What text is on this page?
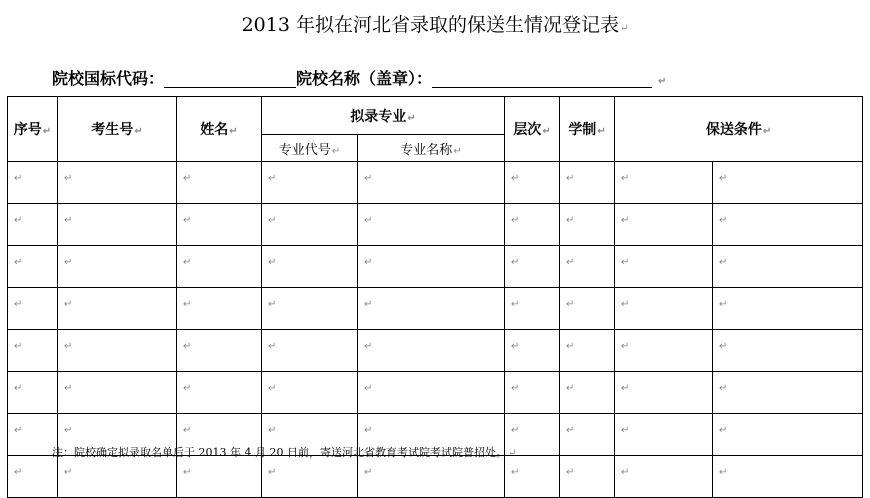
2013 年拟在河北省录取的保送生情况登记表↵
院校国标代码：	院校名称（盖章）：	↵
序号↵	考生号↵	姓名↵	拟录专业↵		层次↵	学制↵	保送条件↵	
			专业代号↵	专业名称↵				
↵	↵	↵	↵	↵	↵	↵	↵	↵
↵	↵	↵	↵	↵	↵	↵	↵	↵
↵	↵	↵	↵	↵	↵	↵	↵	↵
↵	↵	↵	↵	↵	↵	↵	↵	↵
↵	↵	↵	↵	↵	↵	↵	↵	↵
↵	↵	↵	↵	↵	↵	↵	↵	↵
↵	↵	↵	↵	↵	↵	↵	↵	↵
↵	↵	↵	↵	↵	↵	↵	↵	↵
注：院校确定拟录取名单后于 2013 年 4 月 20 日前，寄送河北省教育考试院考试院普招处。↵
